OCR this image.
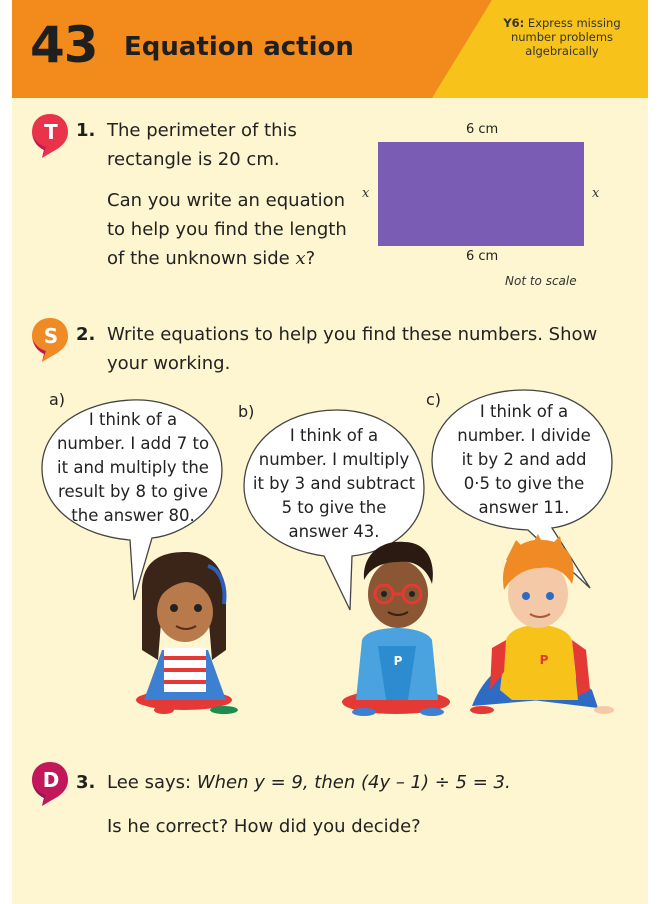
43 Equation action
Y6: Express missing number problems algebraically
T 1. The perimeter of this
rectangle is 20 cm.
Can you write an equation
to help you find the length
of the unknown side x?
6 cm
x	x
6 cm
Not to scale
S 2. Write equations to help you find these numbers. Show
your working.
P	P
a)
I think of a
number. I add 7 to
it and multiply the
result by 8 to give
the answer 80.
b)
I think of a
number. I multiply
it by 3 and subtract
5 to give the
answer 43.
c)
I think of a
number. I divide
it by 2 and add
0·5 to give the
answer 11.
D 3. Lee says: When y = 9, then (4y – 1) ÷ 5 = 3.
Is he correct? How did you decide?
